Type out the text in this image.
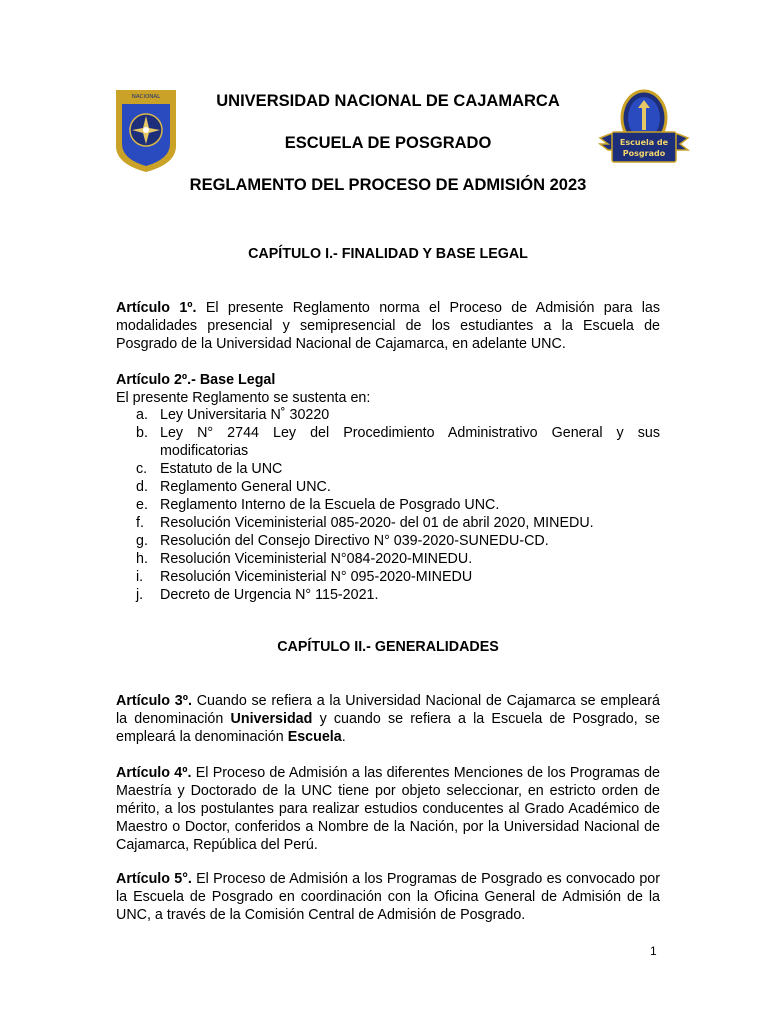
NACIONAL
Escuela de
Posgrado
UNIVERSIDAD NACIONAL DE CAJAMARCA
ESCUELA DE POSGRADO
REGLAMENTO DEL PROCESO DE ADMISIÓN 2023
CAPÍTULO I.- FINALIDAD Y BASE LEGAL
Artículo 1º. El presente Reglamento norma el Proceso de Admisión para las modalidades presencial y semipresencial de los estudiantes a la Escuela de Posgrado de la Universidad Nacional de Cajamarca, en adelante UNC.
Artículo 2º.- Base Legal
El presente Reglamento se sustenta en:
a. Ley Universitaria N˚ 30220
b. Ley N° 2744 Ley del Procedimiento Administrativo General y sus modificatorias
c. Estatuto de la UNC
d. Reglamento General UNC.
e. Reglamento Interno de la Escuela de Posgrado UNC.
f. Resolución Viceministerial 085-2020- del 01 de abril 2020, MINEDU.
g. Resolución del Consejo Directivo N° 039-2020-SUNEDU-CD.
h. Resolución Viceministerial N°084-2020-MINEDU.
i. Resolución Viceministerial N° 095-2020-MINEDU
j. Decreto de Urgencia N° 115-2021.
CAPÍTULO II.- GENERALIDADES
Artículo 3º. Cuando se refiera a la Universidad Nacional de Cajamarca se empleará la denominación Universidad y cuando se refiera a la Escuela de Posgrado, se empleará la denominación Escuela.
Artículo 4º. El Proceso de Admisión a las diferentes Menciones de los Programas de Maestría y Doctorado de la UNC tiene por objeto seleccionar, en estricto orden de mérito, a los postulantes para realizar estudios conducentes al Grado Académico de Maestro o Doctor, conferidos a Nombre de la Nación, por la Universidad Nacional de Cajamarca, República del Perú.
Artículo 5°. El Proceso de Admisión a los Programas de Posgrado es convocado por la Escuela de Posgrado en coordinación con la Oficina General de Admisión de la UNC, a través de la Comisión Central de Admisión de Posgrado.
1
